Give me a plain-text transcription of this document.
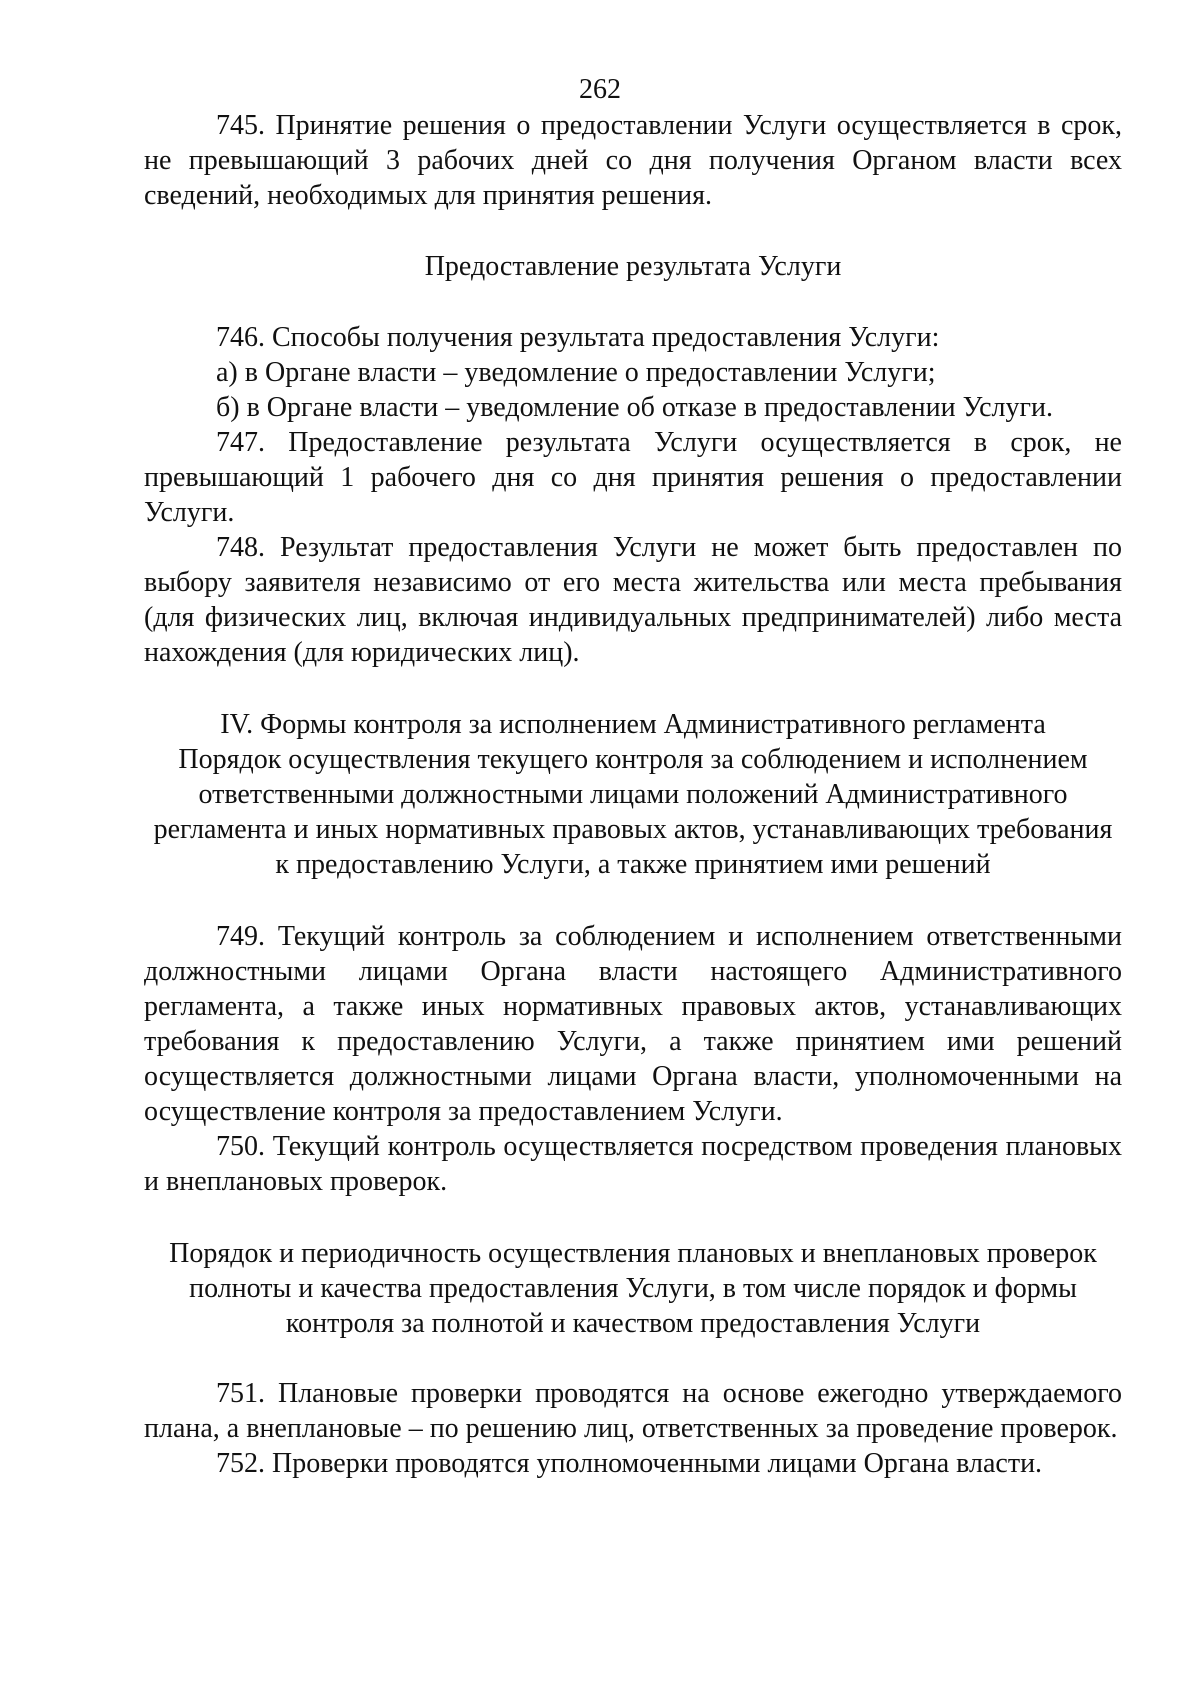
262

745. Принятие решения о предоставлении Услуги осуществляется в срок, не превышающий 3 рабочих дней со дня получения Органом власти всех сведений, необходимых для принятия решения.

Предоставление результата Услуги

746. Способы получения результата предоставления Услуги:

а) в Органе власти – уведомление о предоставлении Услуги;

б) в Органе власти – уведомление об отказе в предоставлении Услуги.

747. Предоставление результата Услуги осуществляется в срок, не превышающий 1 рабочего дня со дня принятия решения о предоставлении Услуги.

748. Результат предоставления Услуги не может быть предоставлен по выбору заявителя независимо от его места жительства или места пребывания (для физических лиц, включая индивидуальных предпринимателей) либо места нахождения (для юридических лиц).

IV. Формы контроля за исполнением Административного регламента
Порядок осуществления текущего контроля за соблюдением и исполнением
ответственными должностными лицами положений Административного
регламента и иных нормативных правовых актов, устанавливающих требования
к предоставлению Услуги, а также принятием ими решений

749. Текущий контроль за соблюдением и исполнением ответственными должностными лицами Органа власти настоящего Административного регламента, а также иных нормативных правовых актов, устанавливающих требования к предоставлению Услуги, а также принятием ими решений осуществляется должностными лицами Органа власти, уполномоченными на осуществление контроля за предоставлением Услуги.

750. Текущий контроль осуществляется посредством проведения плановых и внеплановых проверок.

Порядок и периодичность осуществления плановых и внеплановых проверок
полноты и качества предоставления Услуги, в том числе порядок и формы
контроля за полнотой и качеством предоставления Услуги

751. Плановые проверки проводятся на основе ежегодно утверждаемого плана, а внеплановые – по решению лиц, ответственных за проведение проверок.

752. Проверки проводятся уполномоченными лицами Органа власти.
